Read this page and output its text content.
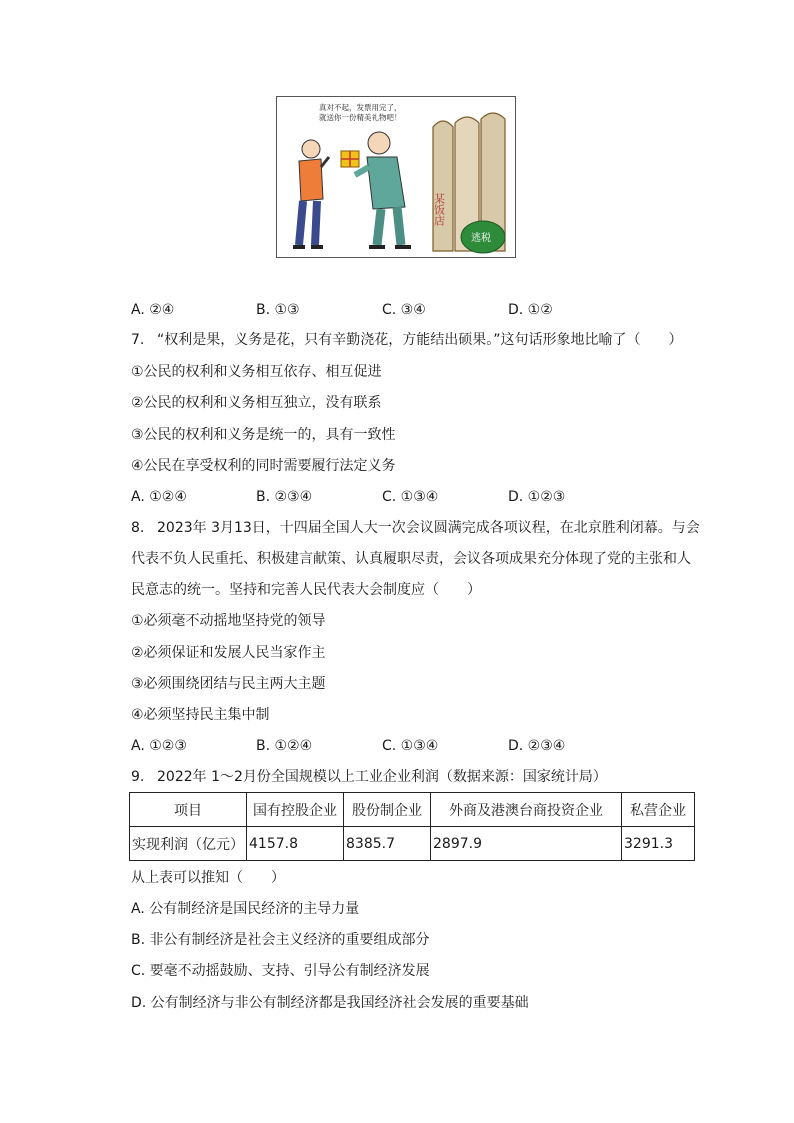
真对不起，发票用完了，
就送你一份精美礼物吧！
某饭店
逃税
A. ②④	B. ①③	C. ③④	D. ①②
7. “权利是果，义务是花，只有辛勤浇花，方能结出硕果。”这句话形象地比喻了（　　）
①公民的权利和义务相互依存、相互促进
②公民的权利和义务相互独立，没有联系
③公民的权利和义务是统一的，具有一致性
④公民在享受权利的同时需要履行法定义务
A. ①②④	B. ②③④	C. ①③④	D. ①②③
8. 2023年 3月13日，十四届全国人大一次会议圆满完成各项议程，在北京胜利闭幕。与会
代表不负人民重托、积极建言献策、认真履职尽责，会议各项成果充分体现了党的主张和人
民意志的统一。坚持和完善人民代表大会制度应（　　）
①必须毫不动摇地坚持党的领导
②必须保证和发展人民当家作主
③必须围绕团结与民主两大主题
④必须坚持民主集中制
A. ①②③	B. ①②④	C. ①③④	D. ②③④
9. 2022年 1～2月份全国规模以上工业企业利润（数据来源：国家统计局）
项目	国有控股企业	股份制企业	外商及港澳台商投资企业	私营企业
实现利润（亿元）	4157.8	8385.7	2897.9	3291.3
从上表可以推知（　　）
A. 公有制经济是国民经济的主导力量
B. 非公有制经济是社会主义经济的重要组成部分
C. 要毫不动摇鼓励、支持、引导公有制经济发展
D. 公有制经济与非公有制经济都是我国经济社会发展的重要基础
